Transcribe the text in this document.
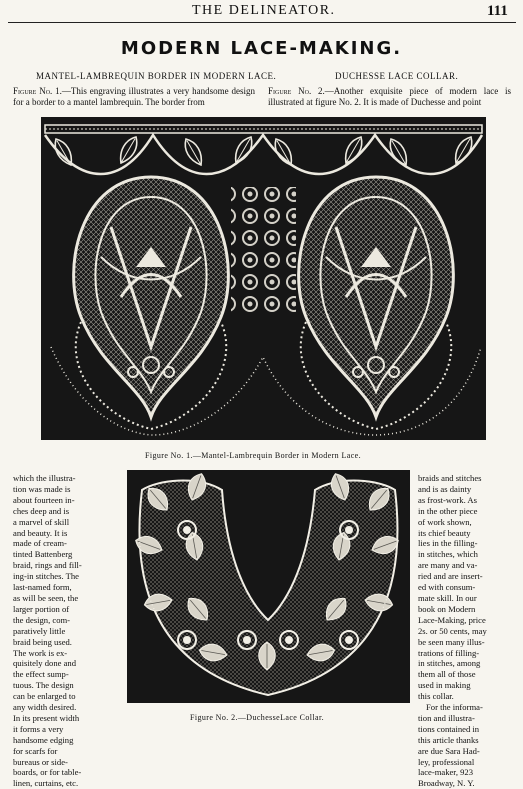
THE DELINEATOR.	111
MODERN LACE-MAKING.
MANTEL-LAMBREQUIN BORDER IN MODERN LACE.	DUCHESSE LACE COLLAR.
Figure No. 1.—This engraving illustrates a very handsome design for a border to a mantel lambrequin. The border from
Figure No. 2.—Another exquisite piece of modern lace is illustrated at figure No. 2. It is made of Duchesse and point
Figure No. 1.—Mantel-Lambrequin Border in Modern Lace.
which the illustra-
tion was made is
about fourteen in-
ches deep and is
a marvel of skill
and beauty. It is
made of cream-
tinted Battenberg
braid, rings and fill-
ing-in stitches. The
last-named form,
as will be seen, the
larger portion of
the design, com-
paratively little
braid being used.
The work is ex-
quisitely done and
the effect sump-
tuous. The design
can be enlarged to
any width desired.
In its present width
it forms a very
handsome edging
for scarfs for
bureaus or side-
boards, or for table-
linen, curtains, etc.
Figure No. 2.—DuchesseLace Collar.
braids and stitches
and is as dainty
as frost-work. As
in the other piece
of work shown,
its chief beauty
lies in the filling-
in stitches, which
are many and va-
ried and are insert-
ed with consum-
mate skill. In our
book on Modern
Lace-Making, price
2s. or 50 cents, may
be seen many illus-
trations of filling-
in stitches, among
them all of those
used in making
this collar.
For the informa-
tion and illustra-
tions contained in
this article thanks
are due Sara Had-
ley, professional
lace-maker, 923
Broadway, N. Y.
